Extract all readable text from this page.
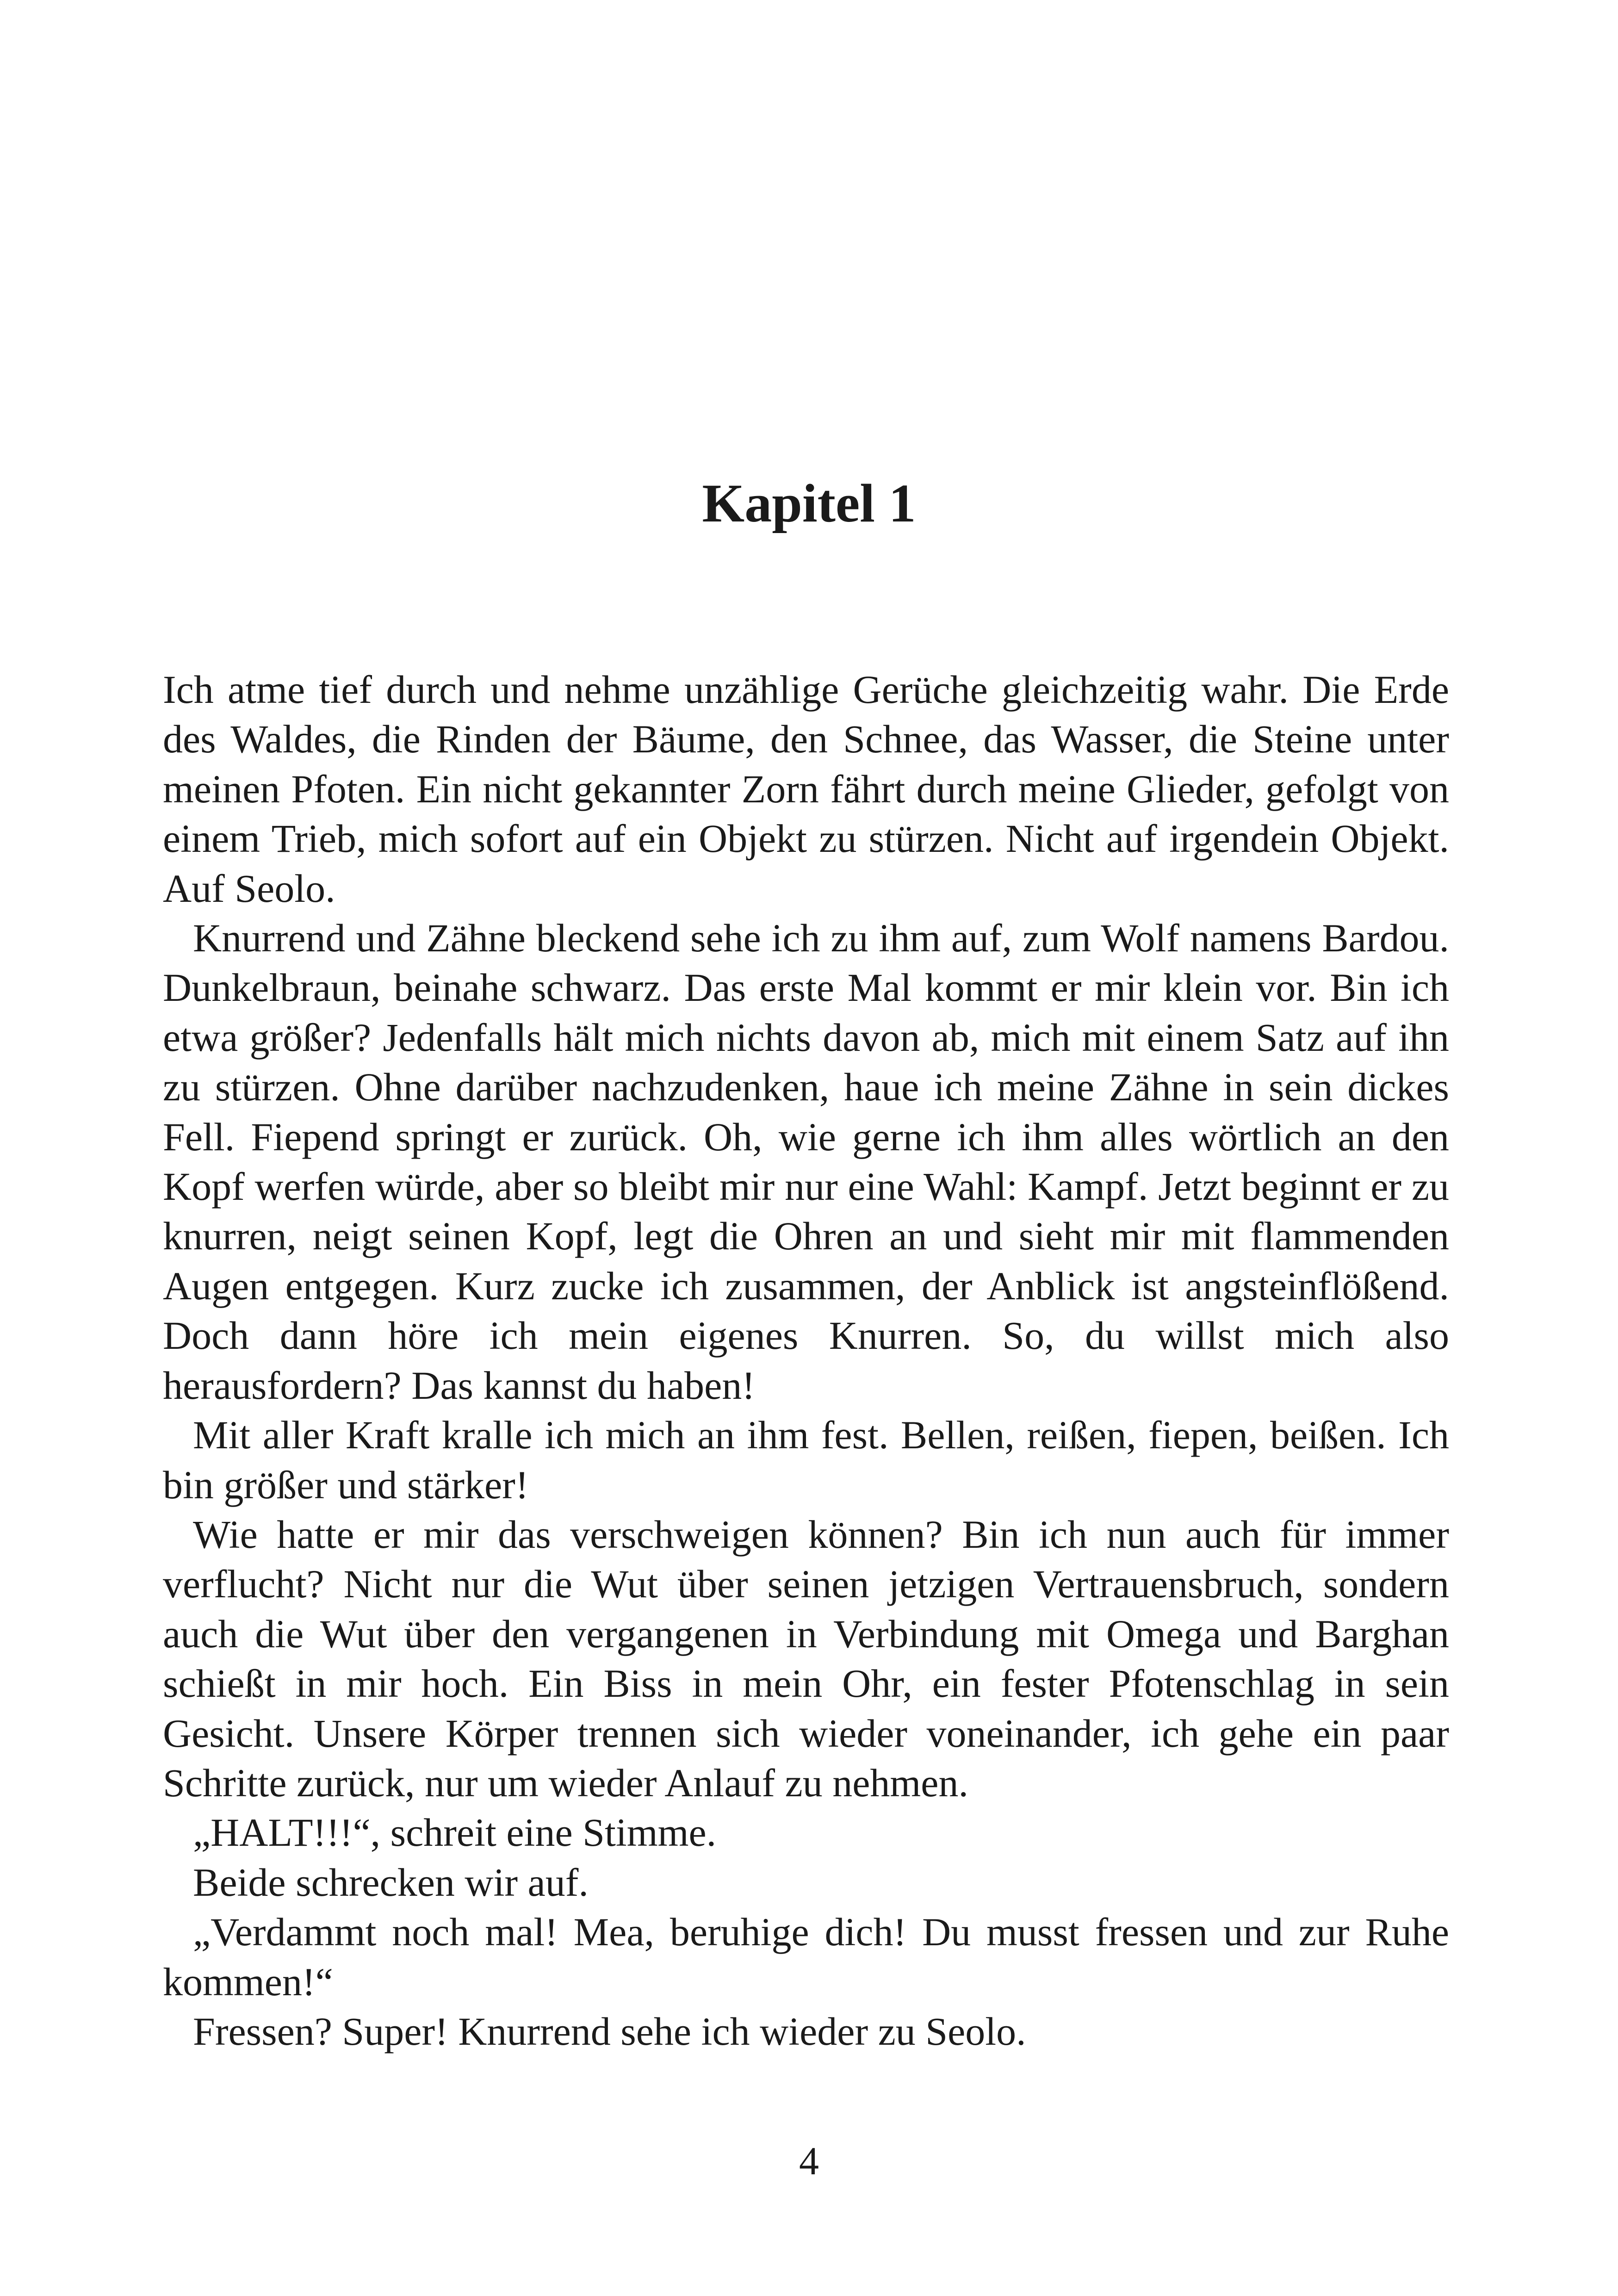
Kapitel 1

Ich atme tief durch und nehme unzählige Gerüche gleichzeitig wahr. Die Erde des Waldes, die Rinden der Bäume, den Schnee, das Wasser, die Steine unter meinen Pfoten. Ein nicht gekannter Zorn fährt durch meine Glieder, gefolgt von einem Trieb, mich sofort auf ein Objekt zu stürzen. Nicht auf irgendein Objekt. Auf Seolo.

Knurrend und Zähne bleckend sehe ich zu ihm auf, zum Wolf namens Bardou. Dunkelbraun, beinahe schwarz. Das erste Mal kommt er mir klein vor. Bin ich etwa größer? Jedenfalls hält mich nichts davon ab, mich mit einem Satz auf ihn zu stürzen. Ohne darüber nachzudenken, haue ich meine Zähne in sein dickes Fell. Fiepend springt er zurück. Oh, wie gerne ich ihm alles wörtlich an den Kopf werfen würde, aber so bleibt mir nur eine Wahl: Kampf. Jetzt beginnt er zu knurren, neigt seinen Kopf, legt die Ohren an und sieht mir mit flammenden Augen entgegen. Kurz zucke ich zusammen, der Anblick ist angsteinflößend. Doch dann höre ich mein eigenes Knurren. So, du willst mich also herausfordern? Das kannst du haben!

Mit aller Kraft kralle ich mich an ihm fest. Bellen, reißen, fiepen, beißen. Ich bin größer und stärker!

Wie hatte er mir das verschweigen können? Bin ich nun auch für immer verflucht? Nicht nur die Wut über seinen jetzigen Vertrauensbruch, sondern auch die Wut über den vergangenen in Verbindung mit Omega und Barghan schießt in mir hoch. Ein Biss in mein Ohr, ein fester Pfotenschlag in sein Gesicht. Unsere Körper trennen sich wieder voneinander, ich gehe ein paar Schritte zurück, nur um wieder Anlauf zu nehmen.

„HALT!!!“, schreit eine Stimme.

Beide schrecken wir auf.

„Verdammt noch mal! Mea, beruhige dich! Du musst fressen und zur Ruhe kommen!“

Fressen? Super! Knurrend sehe ich wieder zu Seolo.

4
